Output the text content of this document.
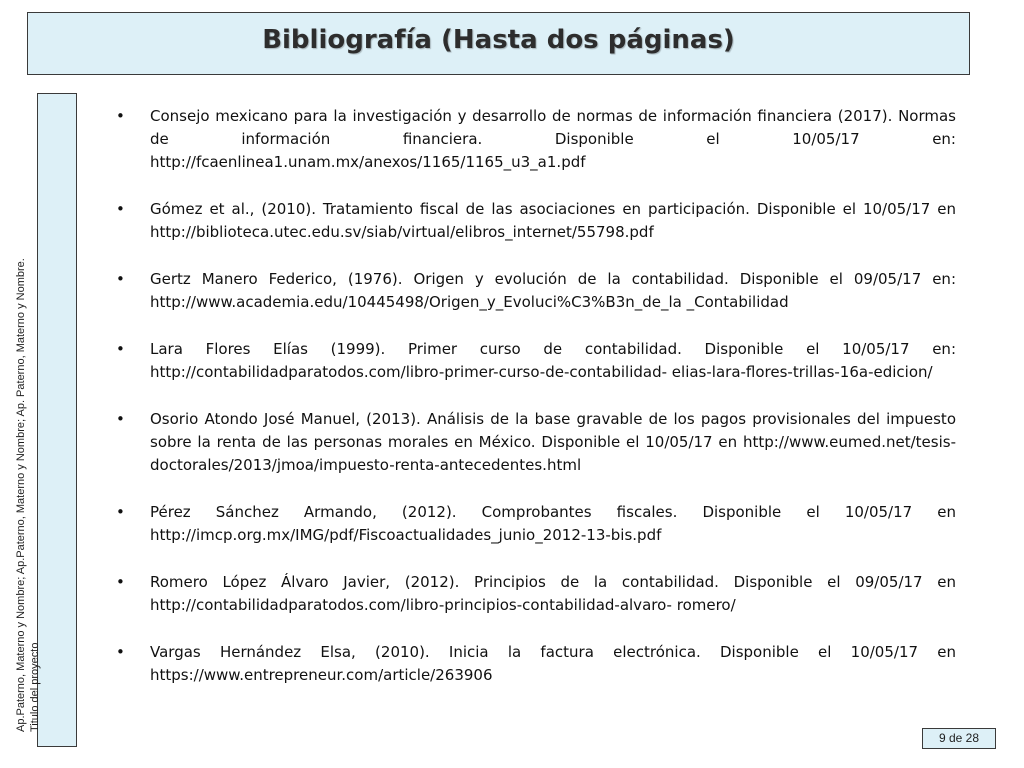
Bibliografía (Hasta dos páginas)
Ap.Paterno, Materno y Nombre; Ap.Paterno, Materno y Nombre; Ap. Paterno, Materno y Nombre. Titulo del proyecto
• Consejo mexicano para la investigación y desarrollo de normas de información financiera (2017). Normas de información financiera. Disponible el 10/05/17 en: http://fcaenlinea1.unam.mx/anexos/1165/1165_u3_a1.pdf
• Gómez et al., (2010). Tratamiento fiscal de las asociaciones en participación. Disponible el 10/05/17 en http://biblioteca.utec.edu.sv/siab/virtual/elibros_internet/55798.pdf
• Gertz Manero Federico, (1976). Origen y evolución de la contabilidad. Disponible el 09/05/17 en: http://www.academia.edu/10445498/Origen_y_Evoluci%C3%B3n_de_la _Contabilidad
• Lara Flores Elías (1999). Primer curso de contabilidad. Disponible el 10/05/17 en: http://contabilidadparatodos.com/libro-primer-curso-de-contabilidad- elias-lara-flores-trillas-16a-edicion/
• Osorio Atondo José Manuel, (2013). Análisis de la base gravable de los pagos provisionales del impuesto sobre la renta de las personas morales en México. Disponible el 10/05/17 en http://www.eumed.net/tesis- doctorales/2013/jmoa/impuesto-renta-antecedentes.html
• Pérez Sánchez Armando, (2012). Comprobantes fiscales. Disponible el 10/05/17 en http://imcp.org.mx/IMG/pdf/Fiscoactualidades_junio_2012-13-bis.pdf
• Romero López Álvaro Javier, (2012). Principios de la contabilidad. Disponible el 09/05/17 en http://contabilidadparatodos.com/libro-principios-contabilidad-alvaro- romero/
• Vargas Hernández Elsa, (2010). Inicia la factura electrónica. Disponible el 10/05/17 en https://www.entrepreneur.com/article/263906
9 de 28
